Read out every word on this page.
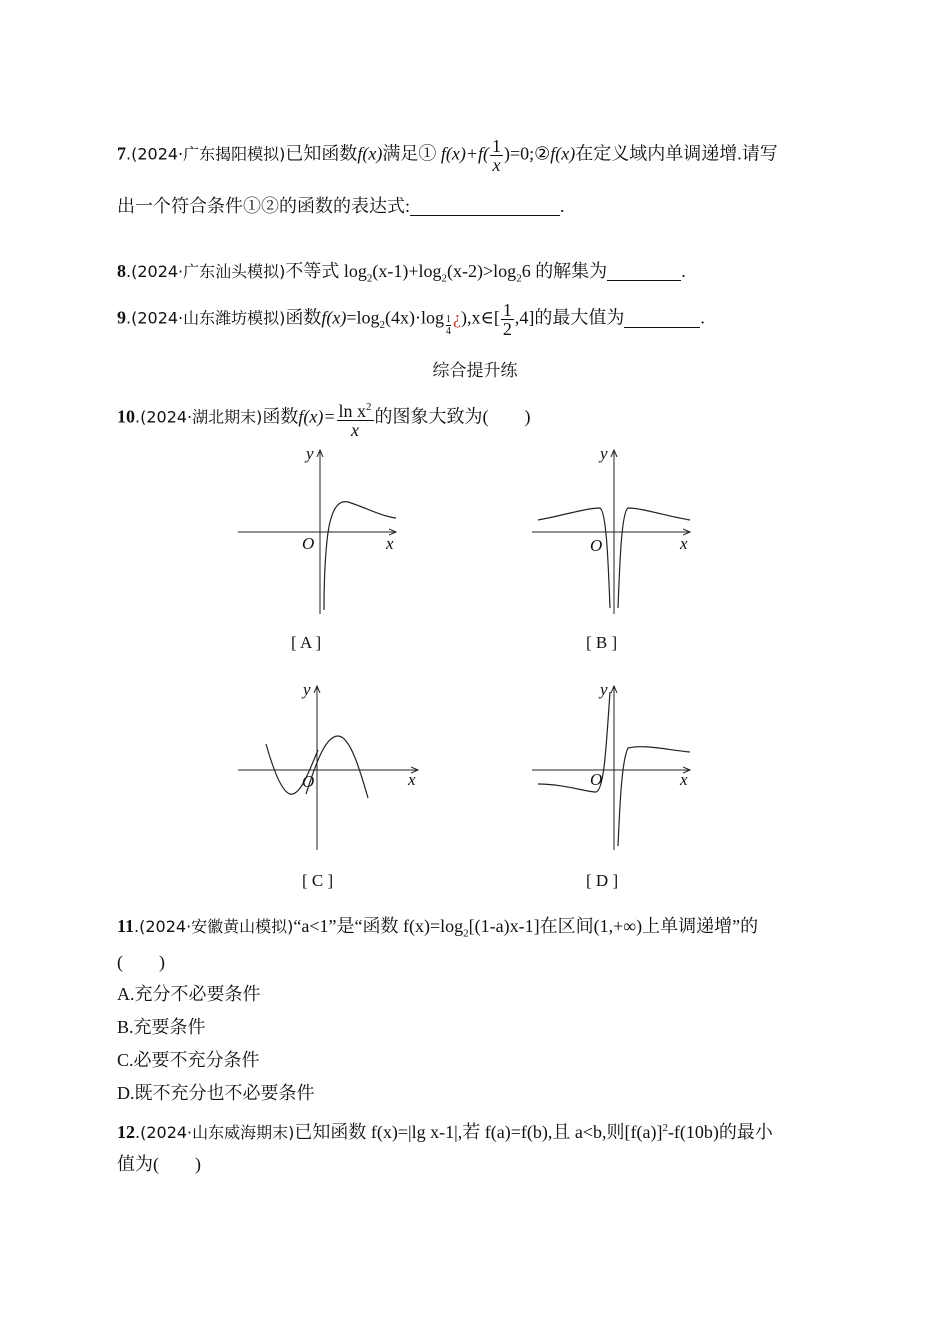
7.(2024·广东揭阳模拟)已知函数f(x)满足① $f(x)+f( \frac{1}{x}$ )=0;②f(x)在定义域内单调递增.请写
出一个符合条件①②的函数的表达式:	.
8.(2024·广东汕头模拟)不等式 $\log_2(x-1)+\log_2(x-2)>\log_26$ 的解集为	.
9.(2024·山东潍坊模拟)函数$f(x)=\log_2(4x)\cdot\log \frac{1}{4}$ ¿),x∈[ $\frac{1}{2} ,4$]的最大值为	.
综合提升练
10.(2024·湖北期末)函数$f(x)= \frac{\ln x^2}{x}$ 的图象大致为( )
y
x
O
[ A ]
y
x
O
[ B ]
y
x
O
[ C ]
y
x
O
[ D ]
11.(2024·安徽黄山模拟)“a<1”是“函数 $f(x)=\log_2[(1-a)x-1]$在区间(1,+∞)上单调递增”的
(        )
A.充分不必要条件
B.充要条件
C.必要不充分条件
D.既不充分也不必要条件
12.(2024·山东威海期末)已知函数 f(x)=|lg x-1|,若 f(a)=f(b),且 a<b,则$[f(a)]^2-f(10b)$的最小
值为(        )
